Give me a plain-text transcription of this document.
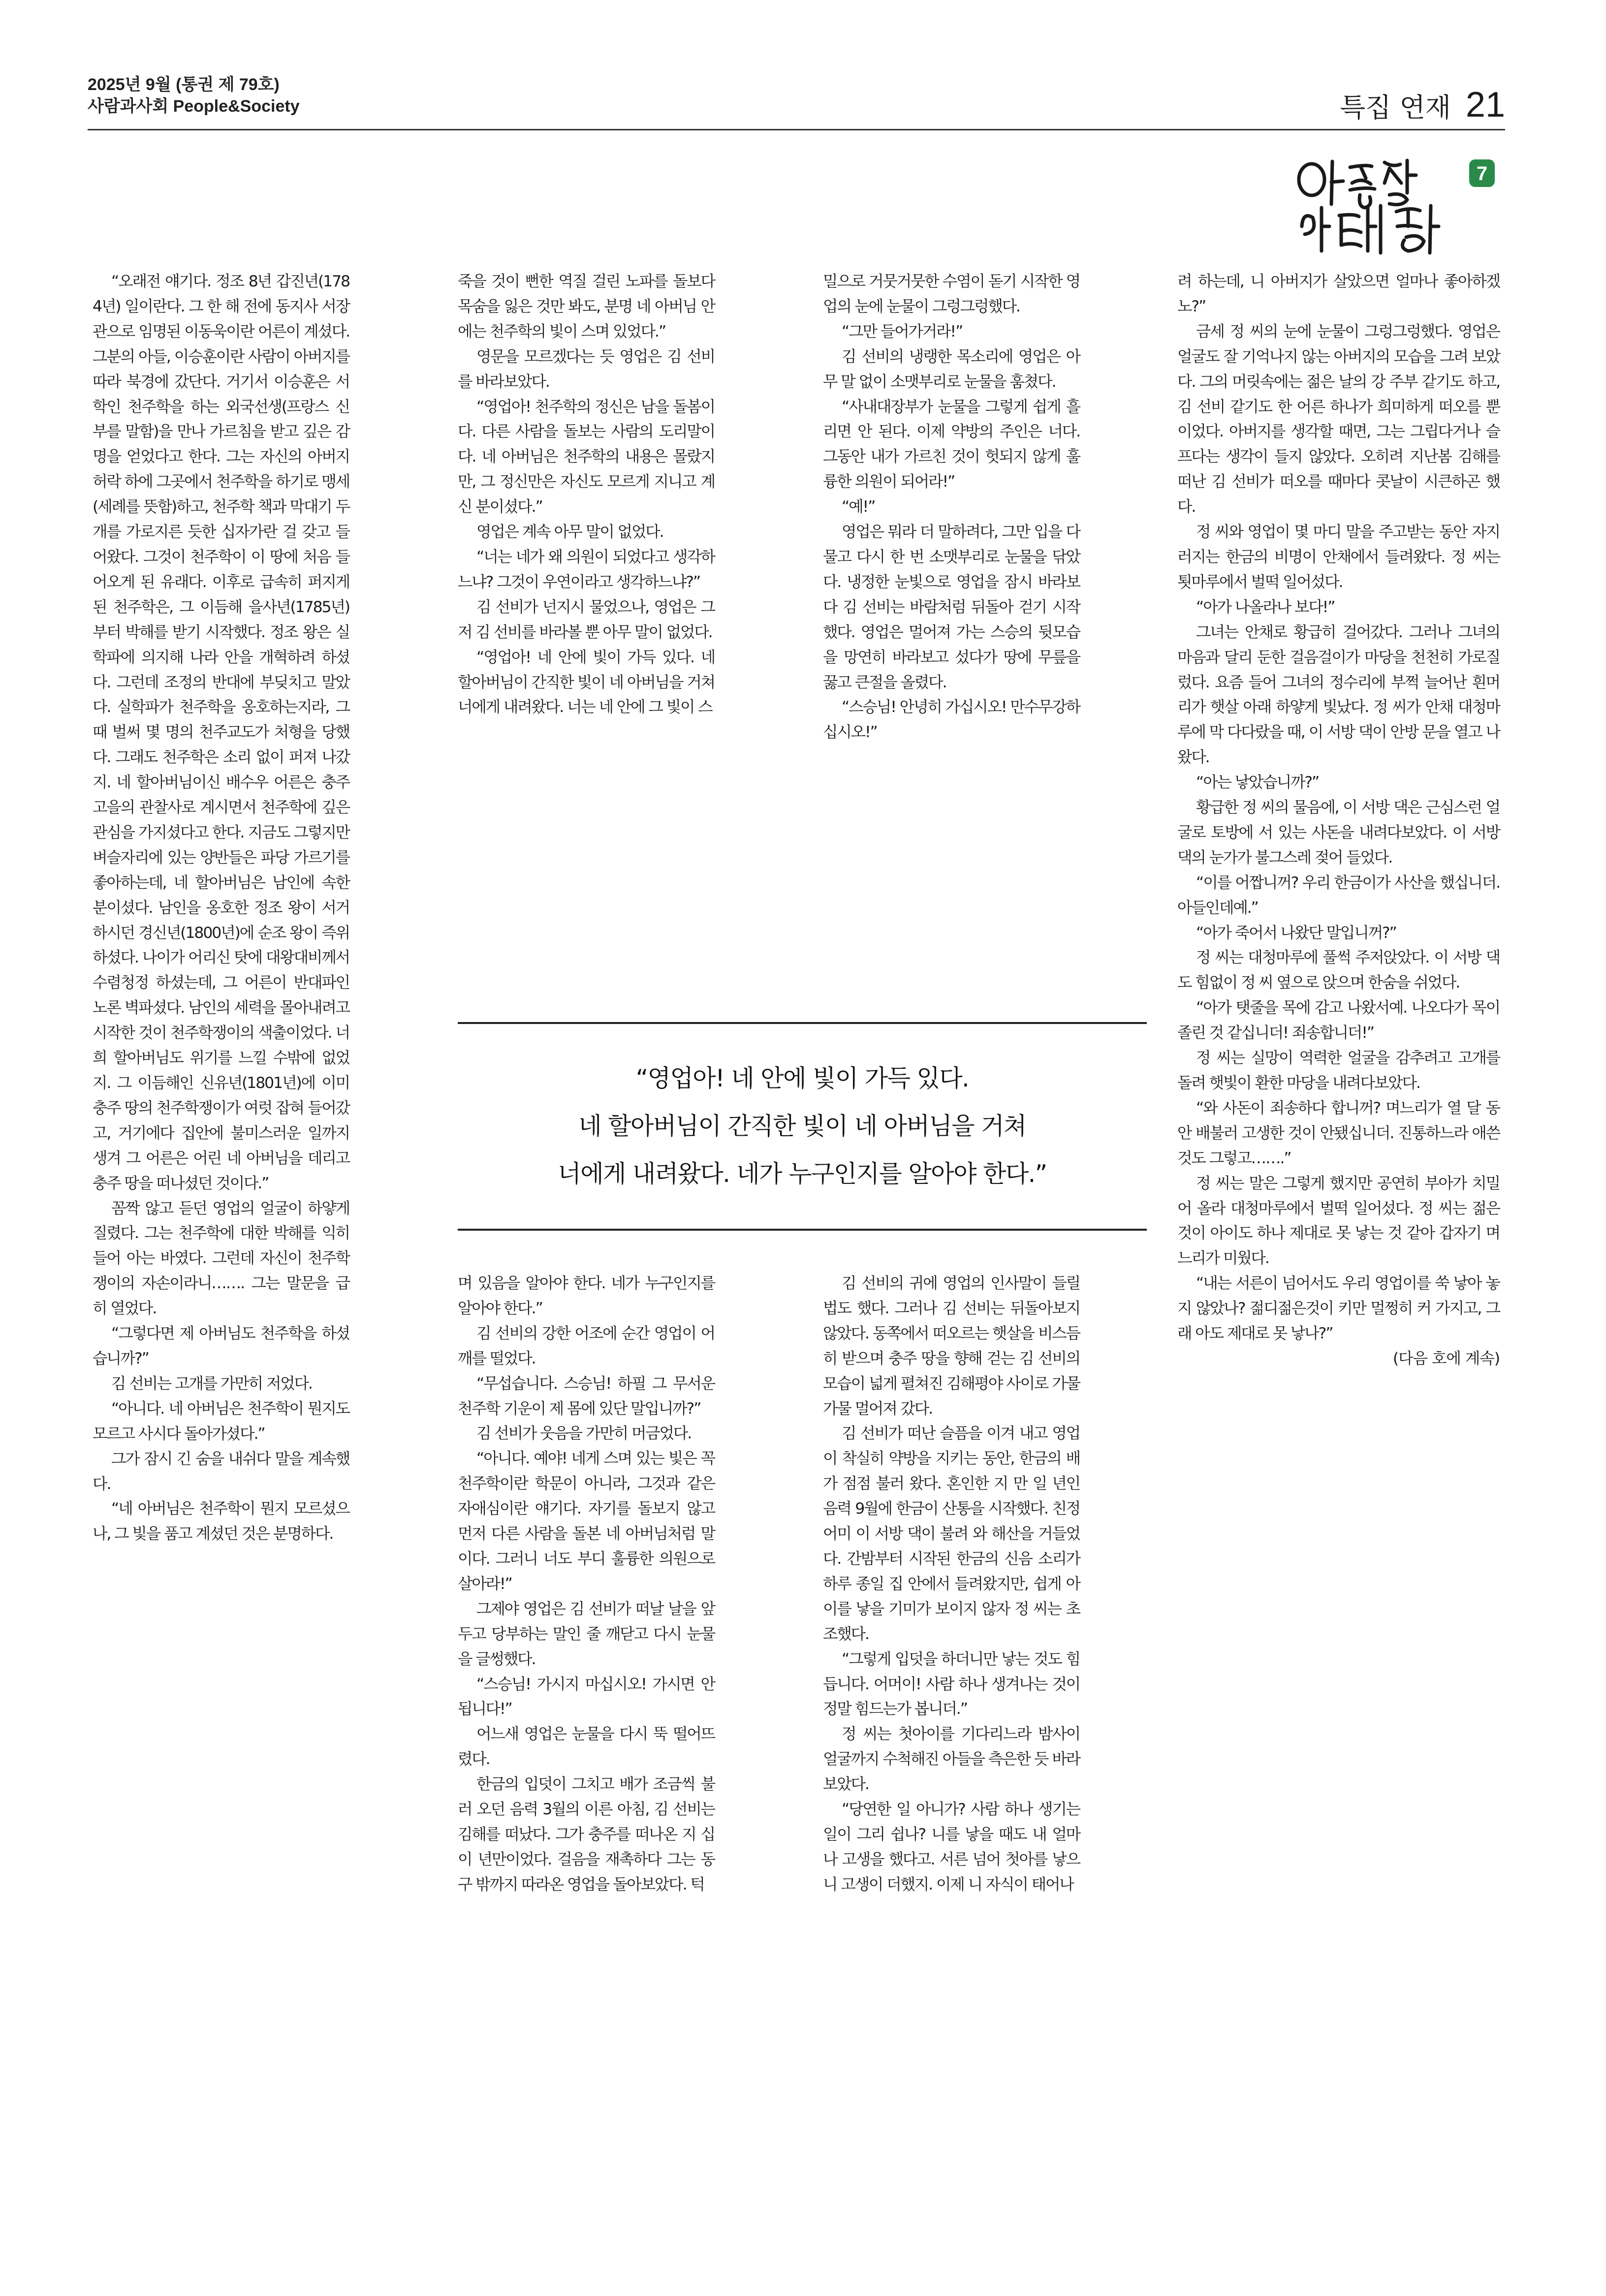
2025년 9월 (통권 제 79호)
사람과사회 People&Society	특집 연재 21
7

“오래전 얘기다. 정조 8년 갑진년(1784년) 일이란다. 그 한 해 전에 동지사 서장관으로 임명된 이동욱이란 어른이 계셨다. 그분의 아들, 이승훈이란 사람이 아버지를 따라 북경에 갔단다. 거기서 이승훈은 서학인 천주학을 하는 외국선생(프랑스 신부를 말함)을 만나 가르침을 받고 깊은 감명을 얻었다고 한다. 그는 자신의 아버지 허락 하에 그곳에서 천주학을 하기로 맹세(세례를 뜻함)하고, 천주학 책과 막대기 두 개를 가로지른 듯한 십자가란 걸 갖고 들어왔다. 그것이 천주학이 이 땅에 처음 들어오게 된 유래다. 이후로 급속히 퍼지게 된 천주학은, 그 이듬해 을사년(1785년)부터 박해를 받기 시작했다. 정조 왕은 실학파에 의지해 나라 안을 개혁하려 하셨다. 그런데 조정의 반대에 부딪치고 말았다. 실학파가 천주학을 옹호하는지라, 그때 벌써 몇 명의 천주교도가 처형을 당했다. 그래도 천주학은 소리 없이 퍼져 나갔지. 네 할아버님이신 배수우 어른은 충주 고을의 관찰사로 계시면서 천주학에 깊은 관심을 가지셨다고 한다. 지금도 그렇지만 벼슬자리에 있는 양반들은 파당 가르기를 좋아하는데, 네 할아버님은 남인에 속한 분이셨다. 남인을 옹호한 정조 왕이 서거하시던 경신년(1800년)에 순조 왕이 즉위하셨다. 나이가 어리신 탓에 대왕대비께서 수렴청정 하셨는데, 그 어른이 반대파인 노론 벽파셨다. 남인의 세력을 몰아내려고 시작한 것이 천주학쟁이의 색출이었다. 너희 할아버님도 위기를 느낄 수밖에 없었지. 그 이듬해인 신유년(1801년)에 이미 충주 땅의 천주학쟁이가 여럿 잡혀 들어갔고, 거기에다 집안에 불미스러운 일까지 생겨 그 어른은 어린 네 아버님을 데리고 충주 땅을 떠나셨던 것이다.”

꼼짝 않고 듣던 영업의 얼굴이 하얗게 질렸다. 그는 천주학에 대한 박해를 익히 들어 아는 바였다. 그런데 자신이 천주학쟁이의 자손이라니……. 그는 말문을 급히 열었다.

“그렇다면 제 아버님도 천주학을 하셨습니까?”

김 선비는 고개를 가만히 저었다.

“아니다. 네 아버님은 천주학이 뭔지도 모르고 사시다 돌아가셨다.”

그가 잠시 긴 숨을 내쉬다 말을 계속했다.

“네 아버님은 천주학이 뭔지 모르셨으나, 그 빛을 품고 계셨던 것은 분명하다.

죽을 것이 뻔한 역질 걸린 노파를 돌보다 목숨을 잃은 것만 봐도, 분명 네 아버님 안에는 천주학의 빛이 스며 있었다.”

영문을 모르겠다는 듯 영업은 김 선비를 바라보았다.

“영업아! 천주학의 정신은 남을 돌봄이다. 다른 사람을 돌보는 사람의 도리말이다. 네 아버님은 천주학의 내용은 몰랐지만, 그 정신만은 자신도 모르게 지니고 계신 분이셨다.”

영업은 계속 아무 말이 없었다.

“너는 네가 왜 의원이 되었다고 생각하느냐? 그것이 우연이라고 생각하느냐?”

김 선비가 넌지시 물었으나, 영업은 그저 김 선비를 바라볼 뿐 아무 말이 없었다.

“영업아! 네 안에 빛이 가득 있다. 네 할아버님이 간직한 빛이 네 아버님을 거쳐 너에게 내려왔다. 너는 네 안에 그 빛이 스

밀으로 거뭇거뭇한 수염이 돋기 시작한 영업의 눈에 눈물이 그렁그렁했다.

“그만 들어가거라!”

김 선비의 냉랭한 목소리에 영업은 아무 말 없이 소맷부리로 눈물을 훔쳤다.

“사내대장부가 눈물을 그렇게 쉽게 흘리면 안 된다. 이제 약방의 주인은 너다. 그동안 내가 가르친 것이 헛되지 않게 훌륭한 의원이 되어라!”

“예!”

영업은 뭐라 더 말하려다, 그만 입을 다물고 다시 한 번 소맷부리로 눈물을 닦았다. 냉정한 눈빛으로 영업을 잠시 바라보다 김 선비는 바람처럼 뒤돌아 걷기 시작했다. 영업은 멀어져 가는 스승의 뒷모습을 망연히 바라보고 섰다가 땅에 무릎을 꿇고 큰절을 올렸다.

“스승님! 안녕히 가십시오! 만수무강하십시오!”

“영업아! 네 안에 빛이 가득 있다.
네 할아버님이 간직한 빛이 네 아버님을 거쳐
너에게 내려왔다. 네가 누구인지를 알아야 한다.”

며 있음을 알아야 한다. 네가 누구인지를 알아야 한다.”

김 선비의 강한 어조에 순간 영업이 어깨를 떨었다.

“무섭습니다. 스승님! 하필 그 무서운 천주학 기운이 제 몸에 있단 말입니까?”

김 선비가 웃음을 가만히 머금었다.

“아니다. 예야! 네게 스며 있는 빛은 꼭 천주학이란 학문이 아니라, 그것과 같은 자애심이란 얘기다. 자기를 돌보지 않고 먼저 다른 사람을 돌본 네 아버님처럼 말이다. 그러니 너도 부디 훌륭한 의원으로 살아라!”

그제야 영업은 김 선비가 떠날 날을 앞두고 당부하는 말인 줄 깨닫고 다시 눈물을 글썽했다.

“스승님! 가시지 마십시오! 가시면 안 됩니다!”

어느새 영업은 눈물을 다시 뚝 떨어뜨렸다.

한금의 입덧이 그치고 배가 조금씩 불러 오던 음력 3월의 이른 아침, 김 선비는 김해를 떠났다. 그가 충주를 떠나온 지 십이 년만이었다. 걸음을 재촉하다 그는 동구 밖까지 따라온 영업을 돌아보았다. 턱

김 선비의 귀에 영업의 인사말이 들릴 법도 했다. 그러나 김 선비는 뒤돌아보지 않았다. 동쪽에서 떠오르는 햇살을 비스듬히 받으며 충주 땅을 향해 걷는 김 선비의 모습이 넓게 펼쳐진 김해평야 사이로 가물가물 멀어져 갔다.

김 선비가 떠난 슬픔을 이겨 내고 영업이 착실히 약방을 지키는 동안, 한금의 배가 점점 불러 왔다. 혼인한 지 만 일 년인 음력 9월에 한금이 산통을 시작했다. 친정 어미 이 서방 댁이 불려 와 해산을 거들었다. 간밤부터 시작된 한금의 신음 소리가 하루 종일 집 안에서 들려왔지만, 쉽게 아이를 낳을 기미가 보이지 않자 정 씨는 초조했다.

“그렇게 입덧을 하더니만 낳는 것도 힘듭니다. 어머이! 사람 하나 생겨나는 것이 정말 힘드는가 봅니더.”

정 씨는 첫아이를 기다리느라 밤사이 얼굴까지 수척해진 아들을 측은한 듯 바라보았다.

“당연한 일 아니가? 사람 하나 생기는 일이 그리 쉽나? 니를 낳을 때도 내 얼마나 고생을 했다고. 서른 넘어 첫아를 낳으니 고생이 더했지. 이제 니 자식이 태어나

려 하는데, 니 아버지가 살았으면 얼마나 좋아하겠노?”

금세 정 씨의 눈에 눈물이 그렁그렁했다. 영업은 얼굴도 잘 기억나지 않는 아버지의 모습을 그려 보았다. 그의 머릿속에는 젊은 날의 강 주부 같기도 하고, 김 선비 같기도 한 어른 하나가 희미하게 떠오를 뿐이었다. 아버지를 생각할 때면, 그는 그립다거나 슬프다는 생각이 들지 않았다. 오히려 지난봄 김해를 떠난 김 선비가 떠오를 때마다 콧날이 시큰하곤 했다.

정 씨와 영업이 몇 마디 말을 주고받는 동안 자지러지는 한금의 비명이 안채에서 들려왔다. 정 씨는 툇마루에서 벌떡 일어섰다.

“아가 나올라나 보다!”

그녀는 안채로 황급히 걸어갔다. 그러나 그녀의 마음과 달리 둔한 걸음걸이가 마당을 천천히 가로질렀다. 요즘 들어 그녀의 정수리에 부쩍 늘어난 흰머리가 햇살 아래 하얗게 빛났다. 정 씨가 안채 대청마루에 막 다다랐을 때, 이 서방 댁이 안방 문을 열고 나왔다.

“아는 낳았습니까?”

황급한 정 씨의 물음에, 이 서방 댁은 근심스런 얼굴로 토방에 서 있는 사돈을 내려다보았다. 이 서방 댁의 눈가가 불그스레 젖어 들었다.

“이를 어짭니꺼? 우리 한금이가 사산을 했십니더. 아들인데예.”

“아가 죽어서 나왔단 말입니꺼?”

정 씨는 대청마루에 풀썩 주저앉았다. 이 서방 댁도 힘없이 정 씨 옆으로 앉으며 한숨을 쉬었다.

“아가 탯줄을 목에 감고 나왔서예. 나오다가 목이 졸린 것 같십니더! 죄송합니더!”

정 씨는 실망이 역력한 얼굴을 감추려고 고개를 돌려 햇빛이 환한 마당을 내려다보았다.

“와 사돈이 죄송하다 합니꺼? 며느리가 열 달 동안 배불러 고생한 것이 안됐십니더. 진통하느라 애쓴 것도 그렇고…….”

정 씨는 말은 그렇게 했지만 공연히 부아가 치밀어 올라 대청마루에서 벌떡 일어섰다. 정 씨는 젊은것이 아이도 하나 제대로 못 낳는 것 같아 갑자기 며느리가 미웠다.

“내는 서른이 넘어서도 우리 영업이를 쑥 낳아 놓지 않았나? 젊디젊은것이 키만 멀쩡히 커 가지고, 그래 아도 제대로 못 낳나?”

(다음 호에 계속)
